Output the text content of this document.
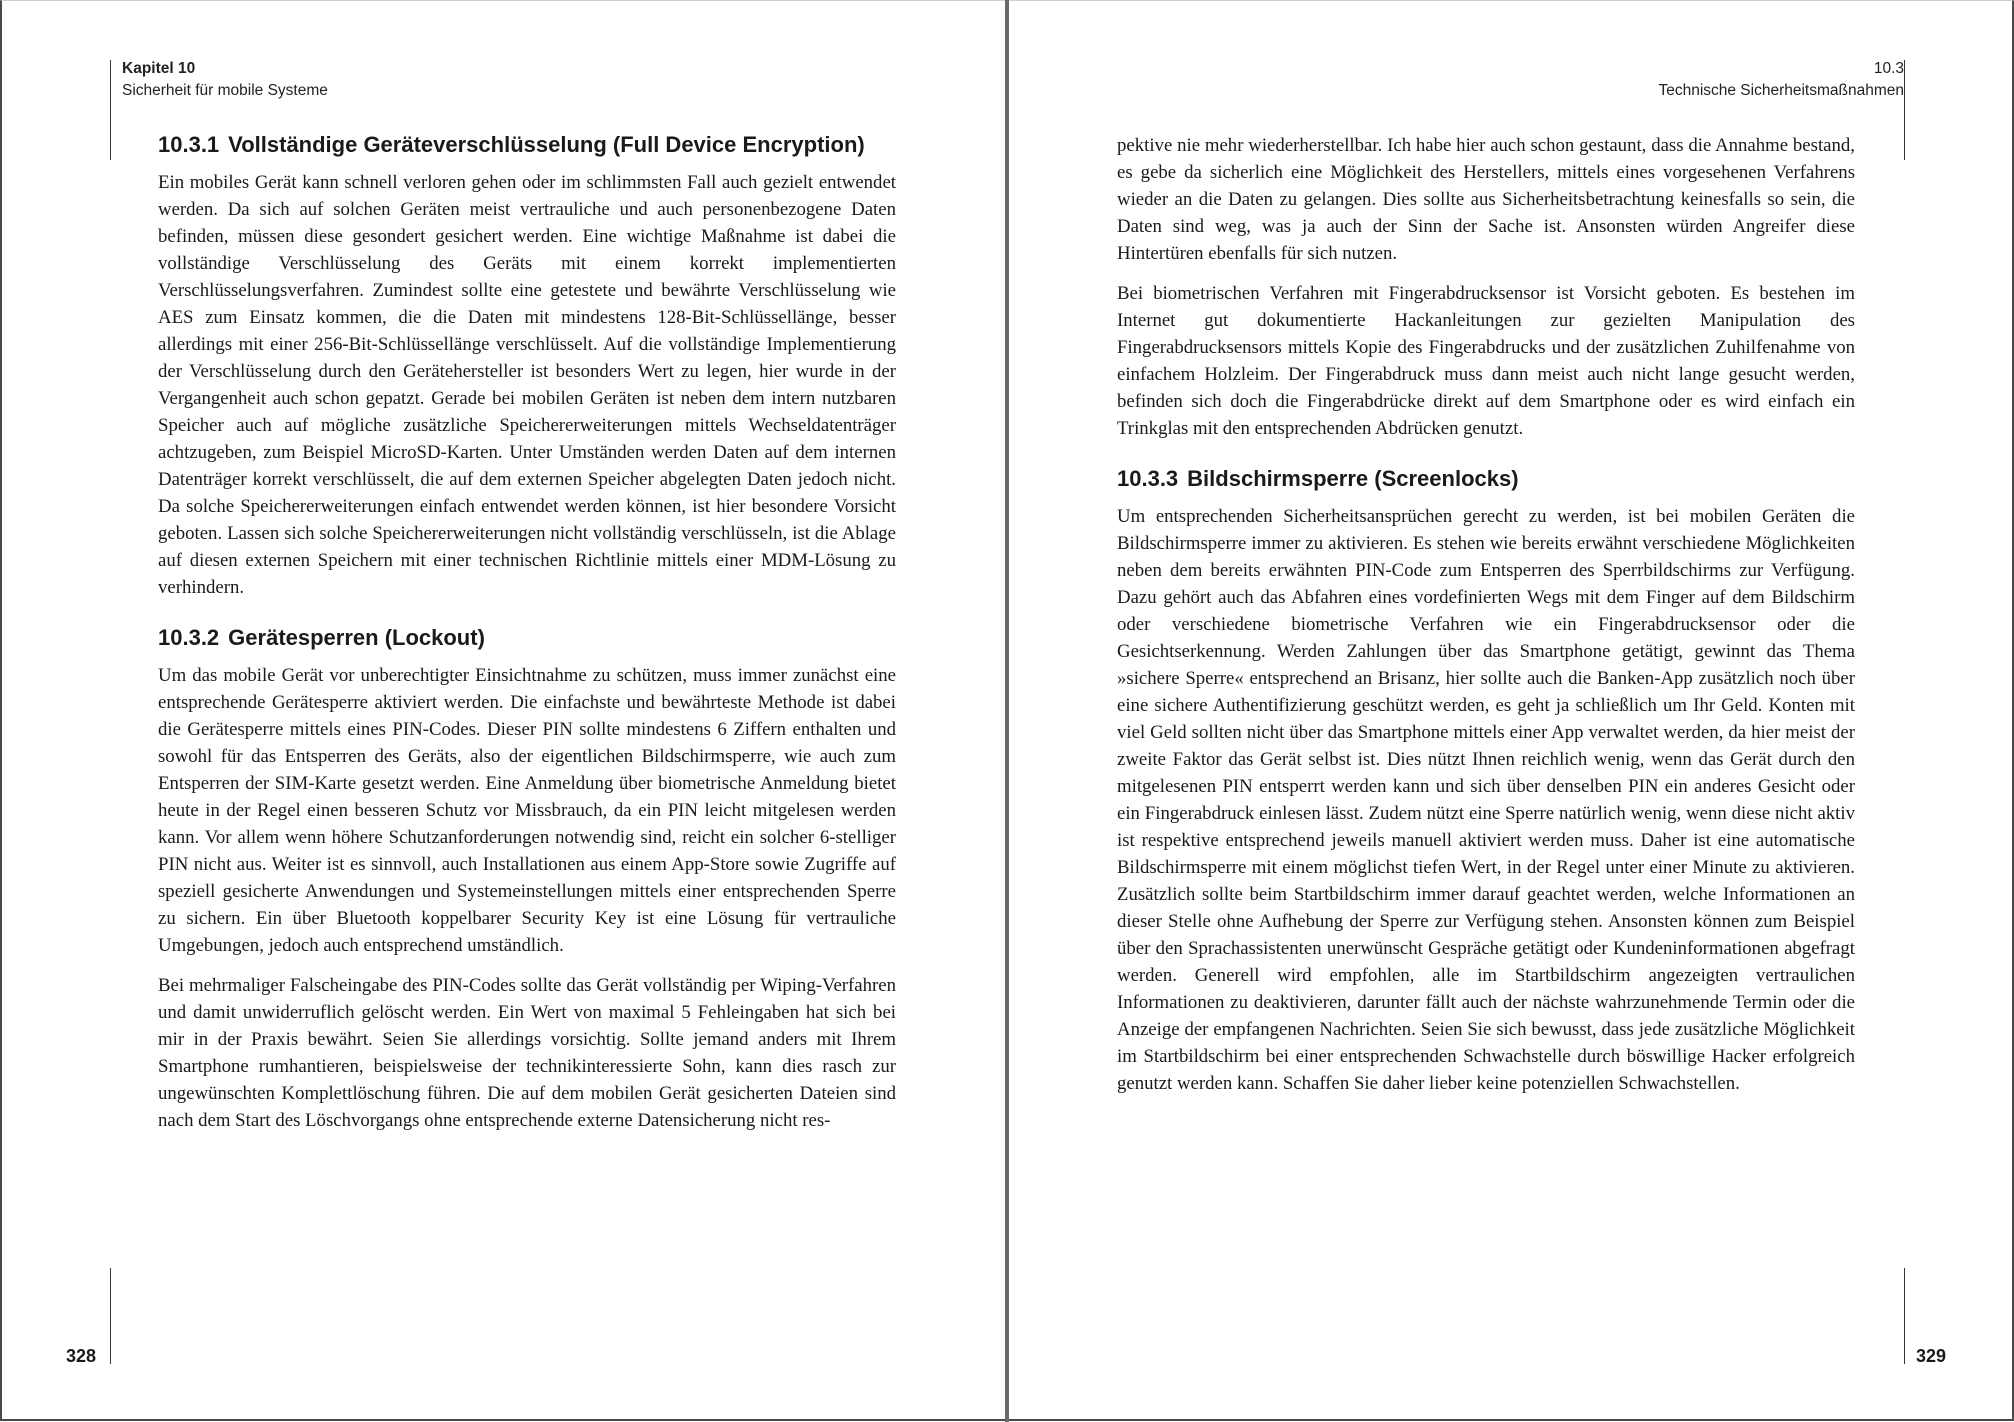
Kapitel 10
Sicherheit für mobile Systeme
10.3.1 Vollständige Geräteverschlüsselung (Full Device Encryption)

Ein mobiles Gerät kann schnell verloren gehen oder im schlimmsten Fall auch gezielt entwendet werden. Da sich auf solchen Geräten meist vertrauliche und auch personenbezogene Daten befinden, müssen diese gesondert gesichert werden. Eine wichtige Maßnahme ist dabei die vollständige Verschlüsselung des Geräts mit einem korrekt implementierten Verschlüsselungsverfahren. Zumindest sollte eine getestete und bewährte Verschlüsselung wie AES zum Einsatz kommen, die die Daten mit mindestens 128-Bit-Schlüssellänge, besser allerdings mit einer 256-Bit-Schlüssellänge verschlüsselt. Auf die vollständige Implementierung der Verschlüsselung durch den Gerätehersteller ist besonders Wert zu legen, hier wurde in der Vergangenheit auch schon gepatzt. Gerade bei mobilen Geräten ist neben dem intern nutzbaren Speicher auch auf mögliche zusätzliche Speichererweiterungen mittels Wechseldatenträger achtzugeben, zum Beispiel MicroSD-Karten. Unter Umständen werden Daten auf dem internen Datenträger korrekt verschlüsselt, die auf dem externen Speicher abgelegten Daten jedoch nicht. Da solche Speichererweiterungen einfach entwendet werden können, ist hier besondere Vorsicht geboten. Lassen sich solche Speichererweiterungen nicht vollständig verschlüsseln, ist die Ablage auf diesen externen Speichern mit einer technischen Richtlinie mittels einer MDM-Lösung zu verhindern.

10.3.2 Gerätesperren (Lockout)

Um das mobile Gerät vor unberechtigter Einsichtnahme zu schützen, muss immer zunächst eine entsprechende Gerätesperre aktiviert werden. Die einfachste und bewährteste Methode ist dabei die Gerätesperre mittels eines PIN-Codes. Dieser PIN sollte mindestens 6 Ziffern enthalten und sowohl für das Entsperren des Geräts, also der eigentlichen Bildschirmsperre, wie auch zum Entsperren der SIM-Karte gesetzt werden. Eine Anmeldung über biometrische Anmeldung bietet heute in der Regel einen besseren Schutz vor Missbrauch, da ein PIN leicht mitgelesen werden kann. Vor allem wenn höhere Schutzanforderungen notwendig sind, reicht ein solcher 6-stelliger PIN nicht aus. Weiter ist es sinnvoll, auch Installationen aus einem App-Store sowie Zugriffe auf speziell gesicherte Anwendungen und Systemeinstellungen mittels einer entsprechenden Sperre zu sichern. Ein über Bluetooth koppelbarer Security Key ist eine Lösung für vertrauliche Umgebungen, jedoch auch entsprechend umständlich.

Bei mehrmaliger Falscheingabe des PIN-Codes sollte das Gerät vollständig per Wiping-Verfahren und damit unwiderruflich gelöscht werden. Ein Wert von maximal 5 Fehleingaben hat sich bei mir in der Praxis bewährt. Seien Sie allerdings vorsichtig. Sollte jemand anders mit Ihrem Smartphone rumhantieren, beispielsweise der technikinteressierte Sohn, kann dies rasch zur ungewünschten Komplettlöschung führen. Die auf dem mobilen Gerät gesicherten Dateien sind nach dem Start des Löschvorgangs ohne entsprechende externe Datensicherung nicht res-

328
10.3
Technische Sicherheitsmaßnahmen

pektive nie mehr wiederherstellbar. Ich habe hier auch schon gestaunt, dass die Annahme bestand, es gebe da sicherlich eine Möglichkeit des Herstellers, mittels eines vorgesehenen Verfahrens wieder an die Daten zu gelangen. Dies sollte aus Sicherheitsbetrachtung keinesfalls so sein, die Daten sind weg, was ja auch der Sinn der Sache ist. Ansonsten würden Angreifer diese Hintertüren ebenfalls für sich nutzen.

Bei biometrischen Verfahren mit Fingerabdrucksensor ist Vorsicht geboten. Es bestehen im Internet gut dokumentierte Hackanleitungen zur gezielten Manipulation des Fingerabdrucksensors mittels Kopie des Fingerabdrucks und der zusätzlichen Zuhilfenahme von einfachem Holzleim. Der Fingerabdruck muss dann meist auch nicht lange gesucht werden, befinden sich doch die Fingerabdrücke direkt auf dem Smartphone oder es wird einfach ein Trinkglas mit den entsprechenden Abdrücken genutzt.

10.3.3 Bildschirmsperre (Screenlocks)

Um entsprechenden Sicherheitsansprüchen gerecht zu werden, ist bei mobilen Geräten die Bildschirmsperre immer zu aktivieren. Es stehen wie bereits erwähnt verschiedene Möglichkeiten neben dem bereits erwähnten PIN-Code zum Entsperren des Sperrbildschirms zur Verfügung. Dazu gehört auch das Abfahren eines vordefinierten Wegs mit dem Finger auf dem Bildschirm oder verschiedene biometrische Verfahren wie ein Fingerabdrucksensor oder die Gesichtserkennung. Werden Zahlungen über das Smartphone getätigt, gewinnt das Thema »sichere Sperre« entsprechend an Brisanz, hier sollte auch die Banken-App zusätzlich noch über eine sichere Authentifizierung geschützt werden, es geht ja schließlich um Ihr Geld. Konten mit viel Geld sollten nicht über das Smartphone mittels einer App verwaltet werden, da hier meist der zweite Faktor das Gerät selbst ist. Dies nützt Ihnen reichlich wenig, wenn das Gerät durch den mitgelesenen PIN entsperrt werden kann und sich über denselben PIN ein anderes Gesicht oder ein Fingerabdruck einlesen lässt. Zudem nützt eine Sperre natürlich wenig, wenn diese nicht aktiv ist respektive entsprechend jeweils manuell aktiviert werden muss. Daher ist eine automatische Bildschirmsperre mit einem möglichst tiefen Wert, in der Regel unter einer Minute zu aktivieren. Zusätzlich sollte beim Startbildschirm immer darauf geachtet werden, welche Informationen an dieser Stelle ohne Aufhebung der Sperre zur Verfügung stehen. Ansonsten können zum Beispiel über den Sprachassistenten unerwünscht Gespräche getätigt oder Kundeninformationen abgefragt werden. Generell wird empfohlen, alle im Startbildschirm angezeigten vertraulichen Informationen zu deaktivieren, darunter fällt auch der nächste wahrzunehmende Termin oder die Anzeige der empfangenen Nachrichten. Seien Sie sich bewusst, dass jede zusätzliche Möglichkeit im Startbildschirm bei einer entsprechenden Schwachstelle durch böswillige Hacker erfolgreich genutzt werden kann. Schaffen Sie daher lieber keine potenziellen Schwachstellen.

329
